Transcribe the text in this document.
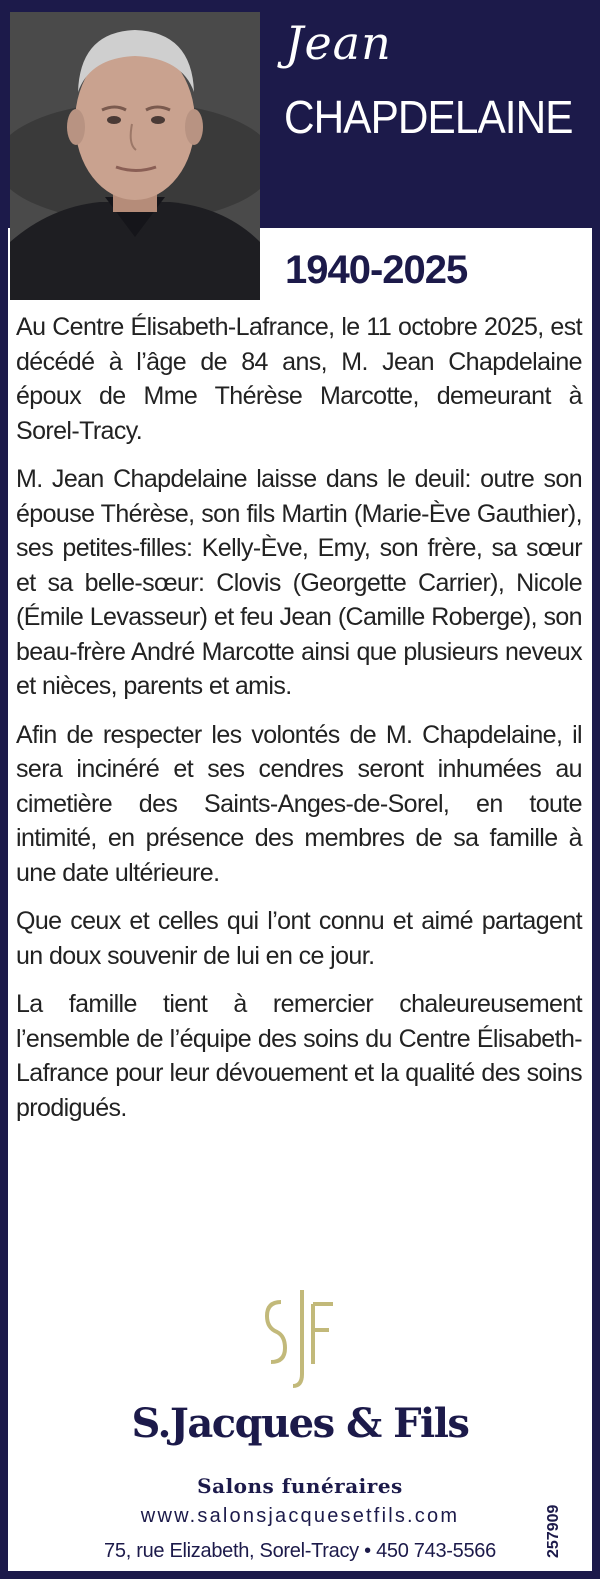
Jean
CHAPDELAINE
1940-2025

Au Centre Élisabeth-Lafrance, le 11 octobre 2025, est décédé à l’âge de 84 ans, M. Jean Chapdelaine époux de Mme Thérèse Marcotte, demeurant à Sorel-Tracy.

M. Jean Chapdelaine laisse dans le deuil: outre son épouse Thérèse, son fils Martin (Marie-Ève Gauthier), ses petites-filles: Kelly-Ève, Emy, son frère, sa sœur et sa belle-sœur: Clovis (Georgette Carrier), Nicole (Émile Levasseur) et feu Jean (Camille Roberge), son beau-frère André Marcotte ainsi que plusieurs neveux et nièces, parents et amis.

Afin de respecter les volontés de M. Chapdelaine, il sera incinéré et ses cendres seront inhumées au cimetière des Saints-Anges-de-Sorel, en toute intimité, en présence des membres de sa famille à une date ultérieure.

Que ceux et celles qui l’ont connu et aimé partagent un doux souvenir de lui en ce jour.

La famille tient à remercier chaleureusement l’ensemble de l’équipe des soins du Centre Élisabeth-Lafrance pour leur dévouement et la qualité des soins prodigués.

S.Jacques & Fils
Salons funéraires
www.salonsjacquesetfils.com
75, rue Elizabeth, Sorel-Tracy • 450 743-5566	257909
